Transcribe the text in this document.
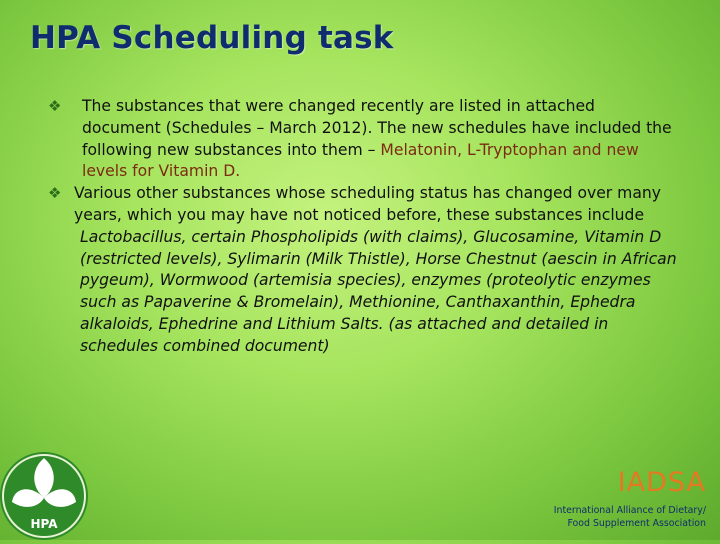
HPA Scheduling task
❖	The substances that were changed recently are listed in attached document (Schedules – March 2012). The new schedules have included the following new substances into them – Melatonin, L-Tryptophan and new levels for Vitamin D.
❖ Various other substances whose scheduling status has changed over many years, which you may have not noticed before, these substances include
Lactobacillus, certain Phospholipids (with claims), Glucosamine, Vitamin D (restricted levels), Sylimarin (Milk Thistle), Horse Chestnut (aescin in African pygeum), Wormwood (artemisia species), enzymes (proteolytic enzymes such as Papaverine & Bromelain), Methionine, Canthaxanthin, Ephedra alkaloids, Ephedrine and Lithium Salts. (as attached and detailed in schedules combined document)
HPA
IADSA
International Alliance of Dietary/
Food Supplement Association
